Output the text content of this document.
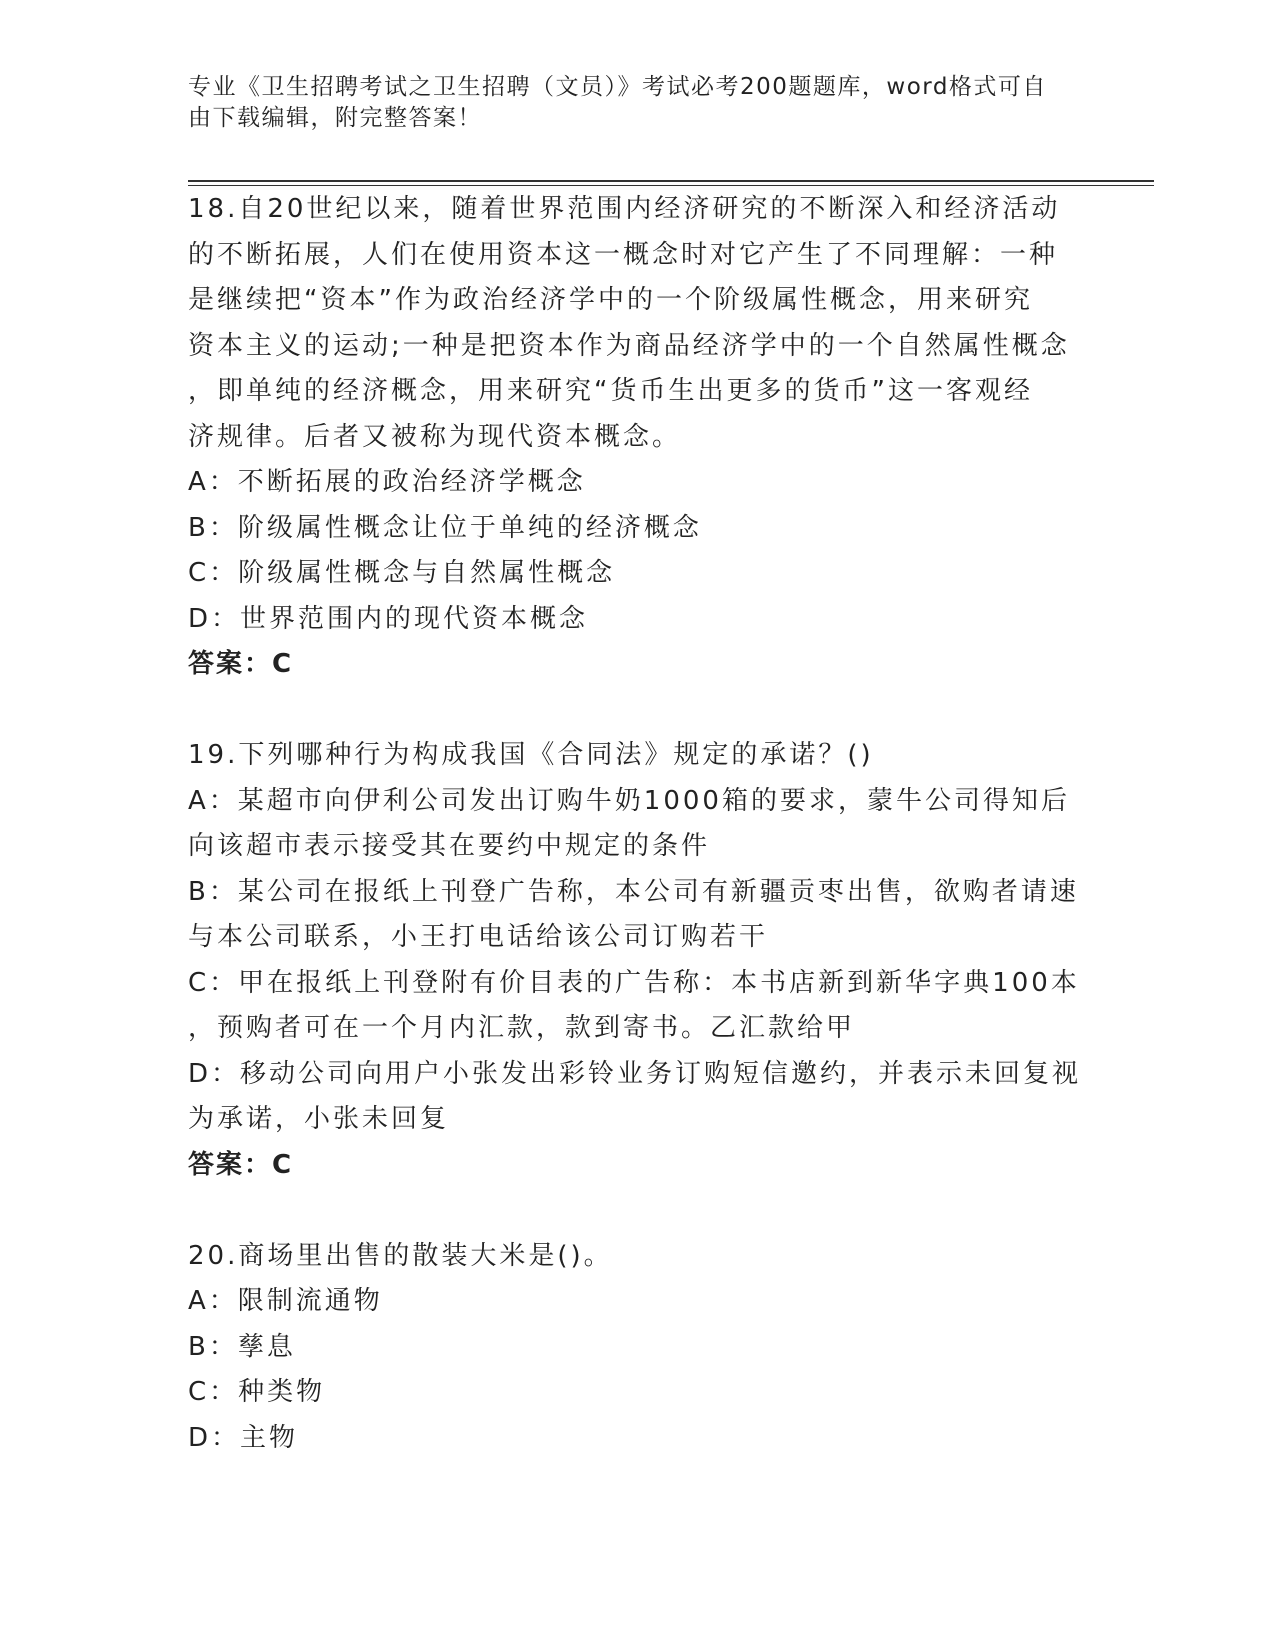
专业《卫生招聘考试之卫生招聘（文员）》考试必考200题题库，word格式可自
由下载编辑，附完整答案！
18.自20世纪以来，随着世界范围内经济研究的不断深入和经济活动
的不断拓展，人们在使用资本这一概念时对它产生了不同理解：一种
是继续把“资本”作为政治经济学中的一个阶级属性概念，用来研究
资本主义的运动;一种是把资本作为商品经济学中的一个自然属性概念
，即单纯的经济概念，用来研究“货币生出更多的货币”这一客观经
济规律。后者又被称为现代资本概念。
A：不断拓展的政治经济学概念
B：阶级属性概念让位于单纯的经济概念
C：阶级属性概念与自然属性概念
D：世界范围内的现代资本概念
答案：C
19.下列哪种行为构成我国《合同法》规定的承诺？()
A：某超市向伊利公司发出订购牛奶1000箱的要求，蒙牛公司得知后
向该超市表示接受其在要约中规定的条件
B：某公司在报纸上刊登广告称，本公司有新疆贡枣出售，欲购者请速
与本公司联系，小王打电话给该公司订购若干
C：甲在报纸上刊登附有价目表的广告称：本书店新到新华字典100本
，预购者可在一个月内汇款，款到寄书。乙汇款给甲
D：移动公司向用户小张发出彩铃业务订购短信邀约，并表示未回复视
为承诺，小张未回复
答案：C
20.商场里出售的散装大米是()。
A：限制流通物
B：孳息
C：种类物
D：主物
